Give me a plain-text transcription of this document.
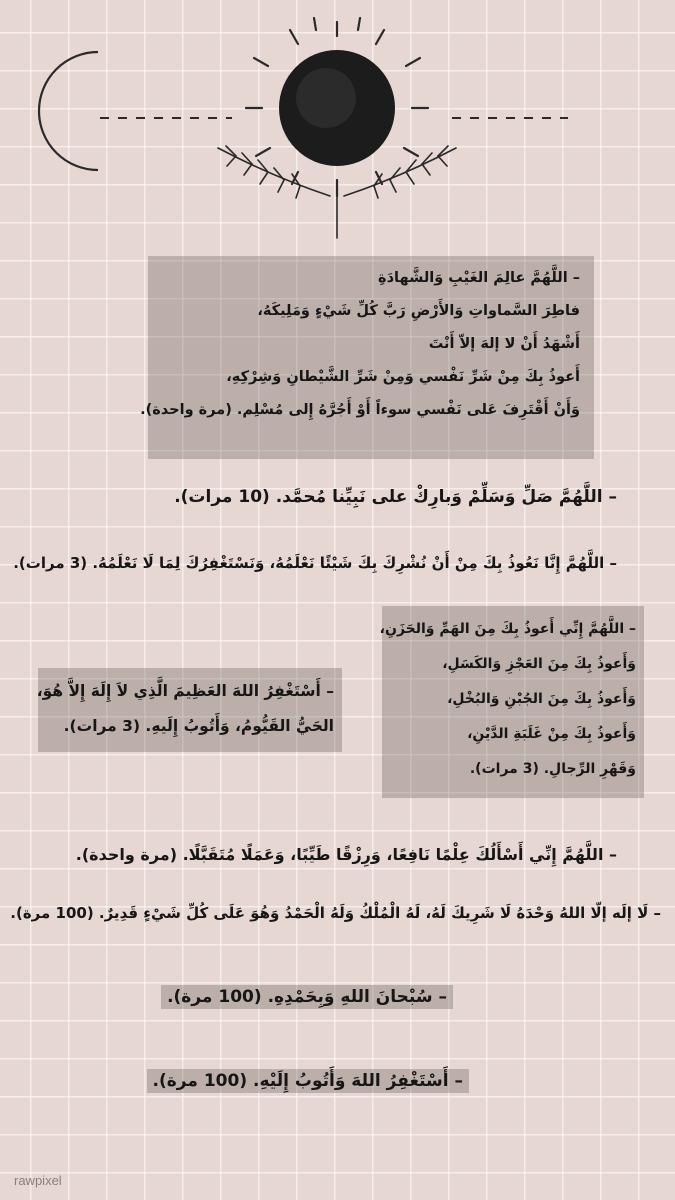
– اللَّهُمَّ عالِمَ الغَيْبِ وَالشَّهادَةِ
فاطِرَ السَّماواتِ وَالأَرْضِ رَبَّ كُلِّ شَيْءٍ وَمَلِيكَهُ،
أَشْهَدُ أَنْ لا إلهَ إلاّ أَنْتَ
أَعوذُ بِكَ مِنْ شَرِّ نَفْسي وَمِنْ شَرِّ الشَّيْطانِ وَشِرْكِهِ،
وَأَنْ أَقْتَرِفَ عَلى نَفْسي سوءاً أَوْ أَجُرَّهُ إِلى مُسْلِم. (مرة واحدة).

– اللَّهُمَّ صَلِّ وَسَلِّمْ وَبارِكْ على نَبِيِّنا مُحمَّد. (10 مرات).

– اللَّهُمَّ إِنَّا نَعُوذُ بِكَ مِنْ أَنْ نُشْرِكَ بِكَ شَيْئًا نَعْلَمُهُ، وَنَسْتَغْفِرُكَ لِمَا لَا نَعْلَمُهُ. (3 مرات).

– اللَّهُمَّ إِنِّي أَعوذُ بِكَ مِنَ الهَمِّ وَالحَزَنِ،
وَأَعوذُ بِكَ مِنَ العَجْزِ وَالكَسَلِ،
وَأَعوذُ بِكَ مِنَ الجُبْنِ وَالبُخْلِ،
وَأَعوذُ بِكَ مِنْ غَلَبَةِ الدَّيْنِ،
وَقَهْرِ الرِّجالِ. (3 مرات).
– أَسْتَغْفِرُ اللهَ العَظِيمَ الَّذِي لاَ إِلَهَ إِلاَّ هُوَ،
الحَيُّ القَيُّومُ، وَأَتُوبُ إِلَيهِ. (3 مرات).

– اللَّهُمَّ إِنِّي أَسْأَلُكَ عِلْمًا نَافِعًا، وَرِزْقًا طَيِّبًا، وَعَمَلًا مُتَقَبَّلًا. (مرة واحدة).

– لَا إلَه إلّا اللهُ وَحْدَهُ لَا شَرِيكَ لَهُ، لَهُ الْمُلْكُ وَلَهُ الْحَمْدُ وَهُوَ عَلَى كُلِّ شَيْءٍ قَدِيرٌ. (100 مرة).

– سُبْحانَ اللهِ وَبِحَمْدِهِ. (100 مرة).

– أَسْتَغْفِرُ اللهَ وَأَتُوبُ إِلَيْهِ. (100 مرة).

rawpixel
